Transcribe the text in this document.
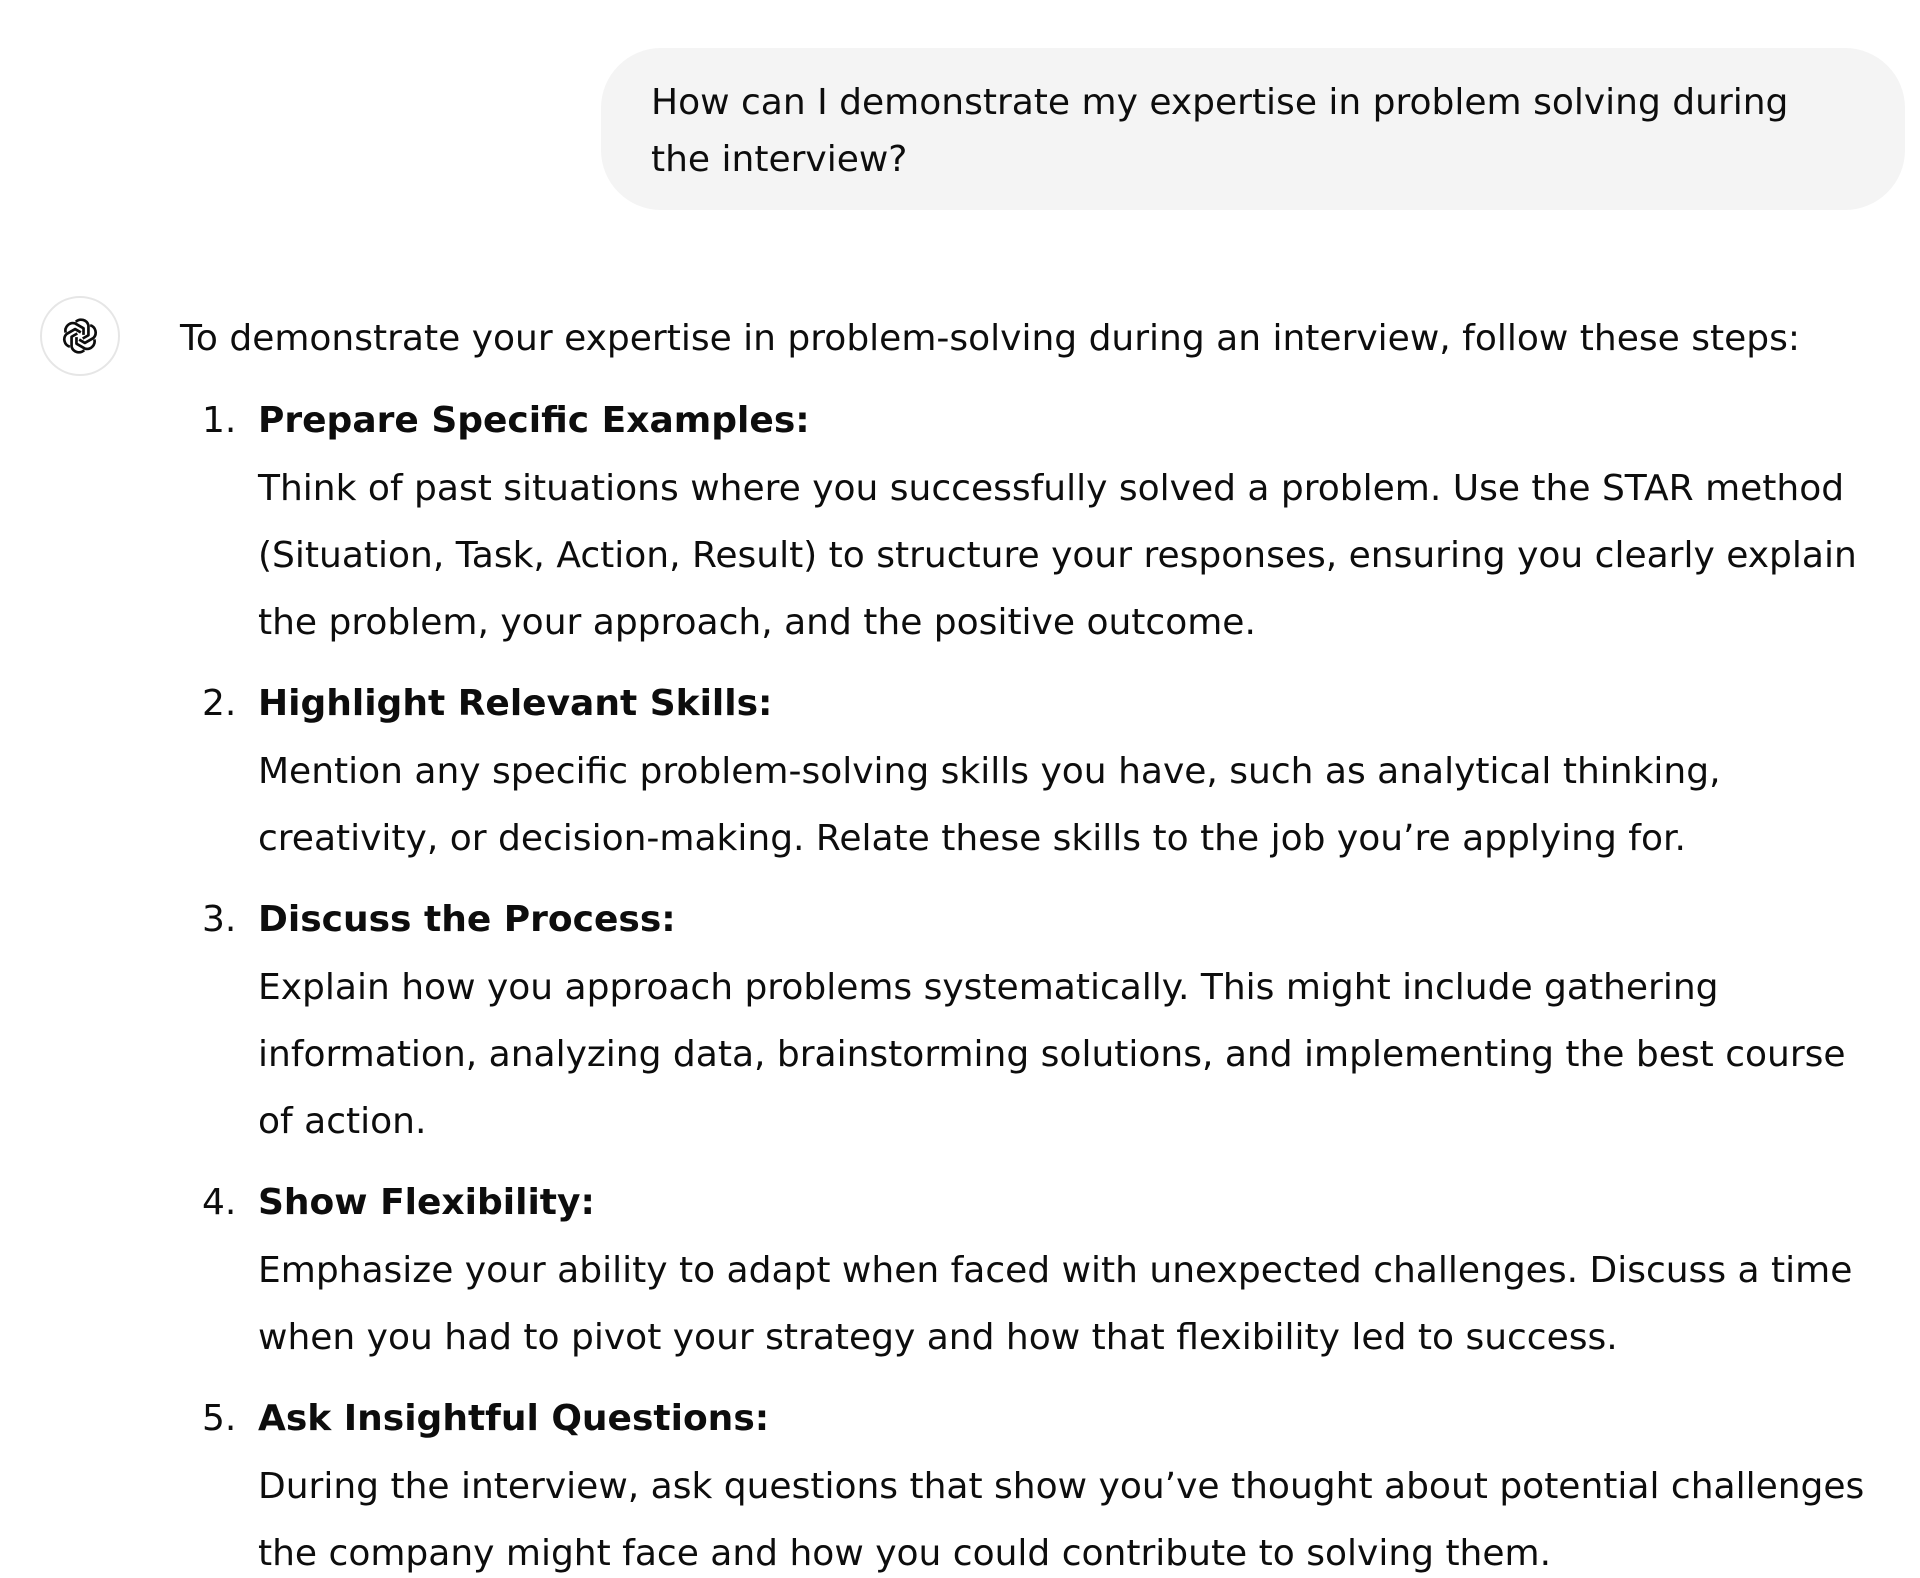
How can I demonstrate my expertise in problem solving during the interview?

To demonstrate your expertise in problem-solving during an interview, follow these steps:

1. Prepare Specific Examples:
Think of past situations where you successfully solved a problem. Use the STAR method (Situation, Task, Action, Result) to structure your responses, ensuring you clearly explain the problem, your approach, and the positive outcome.
2. Highlight Relevant Skills:
Mention any specific problem-solving skills you have, such as analytical thinking, creativity, or decision-making. Relate these skills to the job you’re applying for.
3. Discuss the Process:
Explain how you approach problems systematically. This might include gathering information, analyzing data, brainstorming solutions, and implementing the best course of action.
4. Show Flexibility:
Emphasize your ability to adapt when faced with unexpected challenges. Discuss a time when you had to pivot your strategy and how that flexibility led to success.
5. Ask Insightful Questions:
During the interview, ask questions that show you’ve thought about potential challenges the company might face and how you could contribute to solving them.
